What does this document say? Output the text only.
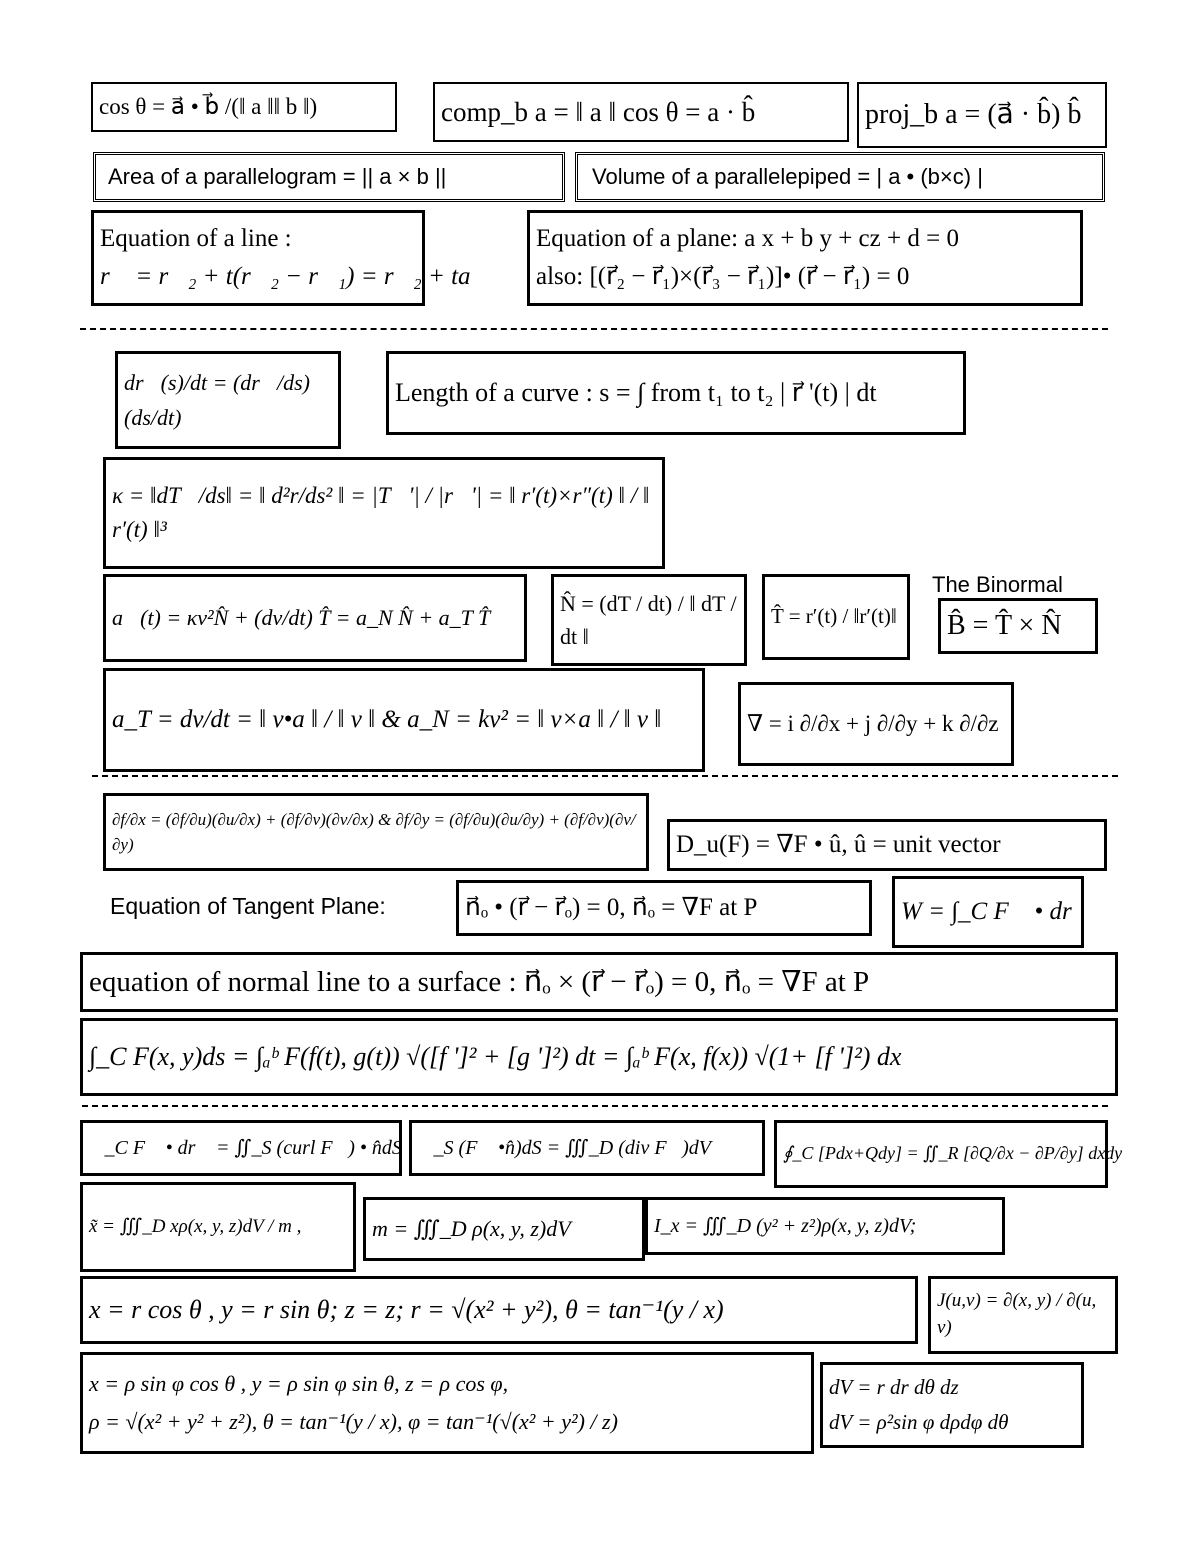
cos θ = a⃗ • b⃗ /(‖ a ‖‖ b ‖)	comp_b a = ‖ a ‖ cos θ = a · b̂	proj_b a = (a⃗ · b̂) b̂
Area of a parallelogram = || a × b ||	Volume of a parallelepiped = | a • (b×c) |
Equation of a line :
r⃗ = r⃗₂ + t(r⃗₂ − r⃗₁) = r⃗₂ + ta⃗
Equation of a plane: a x + b y + cz + d = 0
also: [(r⃗₂ − r⃗₁)×(r⃗₃ − r⃗₁)]• (r⃗ − r⃗₁) = 0
dr⃗(s)/dt = (dr⃗/ds)(ds/dt)
Length of a curve : s = ∫ from t₁ to t₂ | r⃗ '(t) | dt
κ = ‖dT⃗/ds‖ = ‖ d²r/ds² ‖ = |T⃗'| / |r⃗'| = ‖ r′(t)×r″(t) ‖ / ‖ r′(t) ‖³
a⃗(t) = κv²N̂ + (dv/dt) T̂ = a_N N̂ + a_T T̂
N̂ = (dT / dt) / ‖ dT / dt ‖
T̂ = r′(t) / ‖r′(t)‖
The Binormal
B̂ = T̂ × N̂
a_T = dv/dt = ‖ v•a ‖ / ‖ v ‖ & a_N = kv² = ‖ v×a ‖ / ‖ v ‖	∇ = i ∂/∂x + j ∂/∂y + k ∂/∂z
∂f/∂x = (∂f/∂u)(∂u/∂x) + (∂f/∂v)(∂v/∂x) & ∂f/∂y = (∂f/∂u)(∂u/∂y) + (∂f/∂v)(∂v/∂y)	D_u(F) = ∇F • û, û = unit vector
Equation of Tangent Plane:	n⃗ₒ • (r⃗ − r⃗ₒ) = 0, n⃗ₒ = ∇F at P	W = ∫_C F⃗ • dr⃗
equation of normal line to a surface : n⃗ₒ × (r⃗ − r⃗ₒ) = 0, n⃗ₒ = ∇F at P
∫_C F(x, y)ds = ∫ₐᵇ F(f(t), g(t)) √([f ']² + [g ']²) dt = ∫ₐᵇ F(x, f(x)) √(1+ [f ']²) dx
∮_C F⃗ • dr⃗ = ∬_S (curl F⃗) • n̂dS ∯_S (F⃗ •n̂)dS = ∭_D (div F⃗)dV	∮_C [Pdx+Qdy] = ∬_R [∂Q/∂x − ∂P/∂y] dxdy
x̃ = ∭_D xρ(x, y, z)dV / m ,	m = ∭_D ρ(x, y, z)dV	I_x = ∭_D (y² + z²)ρ(x, y, z)dV;
x = r cos θ , y = r sin θ; z = z; r = √(x² + y²), θ = tan⁻¹(y / x)	J(u,v) = ∂(x, y) / ∂(u, v)
x = ρ sin φ cos θ , y = ρ sin φ sin θ, z = ρ cos φ,
ρ = √(x² + y² + z²), θ = tan⁻¹(y / x), φ = tan⁻¹(√(x² + y²) / z)
dV = r dr dθ dz
dV = ρ²sin φ dρdφ dθ
